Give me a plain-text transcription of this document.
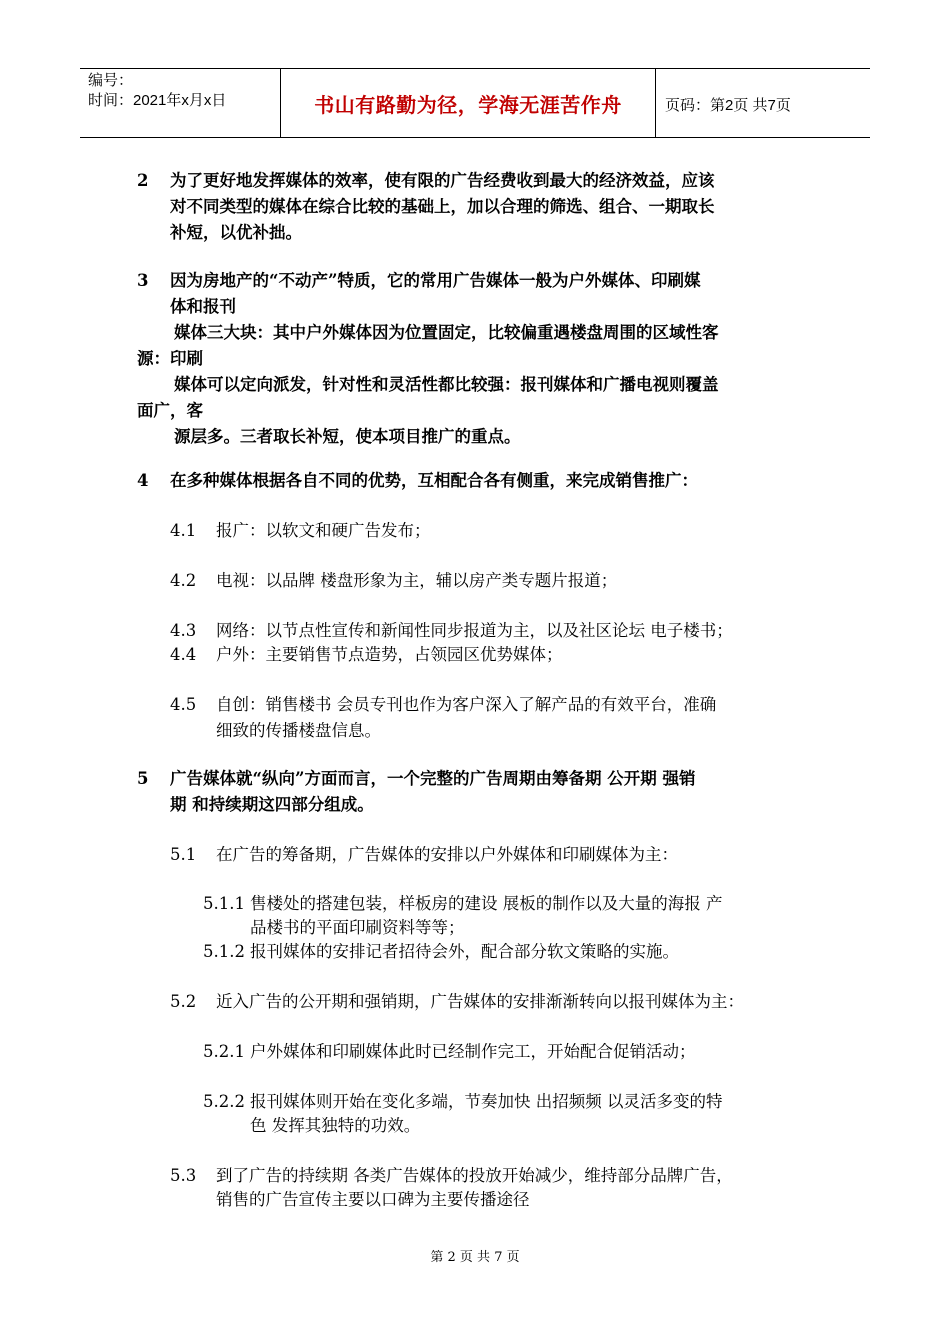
编号：
时间：2021年x月x日	书山有路勤为径，学海无涯苦作舟	页码：第2页 共7页
2 为了更好地发挥媒体的效率，使有限的广告经费收到最大的经济效益，应该
对不同类型的媒体在综合比较的基础上，加以合理的筛选、组合、一期取长
补短，以优补拙。
3 因为房地产的“不动产”特质，它的常用广告媒体一般为户外媒体、印刷媒
体和报刊
媒体三大块：其中户外媒体因为位置固定，比较偏重遇楼盘周围的区域性客
源：印刷
媒体可以定向派发，针对性和灵活性都比较强：报刊媒体和广播电视则覆盖
面广，客
源层多。三者取长补短，使本项目推广的重点。
4 在多种媒体根据各自不同的优势，互相配合各有侧重，来完成销售推广：
4.1 报广：以软文和硬广告发布；
4.2 电视：以品牌 楼盘形象为主，辅以房产类专题片报道；
4.3 网络：以节点性宣传和新闻性同步报道为主，以及社区论坛 电子楼书；
4.4 户外：主要销售节点造势，占领园区优势媒体；
4.5 自创：销售楼书 会员专刊也作为客户深入了解产品的有效平台，准确
细致的传播楼盘信息。
5 广告媒体就“纵向”方面而言，一个完整的广告周期由筹备期 公开期 强销
期 和持续期这四部分组成。
5.1 在广告的筹备期，广告媒体的安排以户外媒体和印刷媒体为主：
5.1.1 售楼处的搭建包装，样板房的建设 展板的制作以及大量的海报 产
品楼书的平面印刷资料等等；
5.1.2 报刊媒体的安排记者招待会外，配合部分软文策略的实施。
5.2 近入广告的公开期和强销期，广告媒体的安排渐渐转向以报刊媒体为主：
5.2.1 户外媒体和印刷媒体此时已经制作完工，开始配合促销活动；
5.2.2 报刊媒体则开始在变化多端，节奏加快 出招频频 以灵活多变的特
色 发挥其独特的功效。
5.3 到了广告的持续期 各类广告媒体的投放开始减少，维持部分品牌广告，
销售的广告宣传主要以口碑为主要传播途径
第 2 页 共 7 页
